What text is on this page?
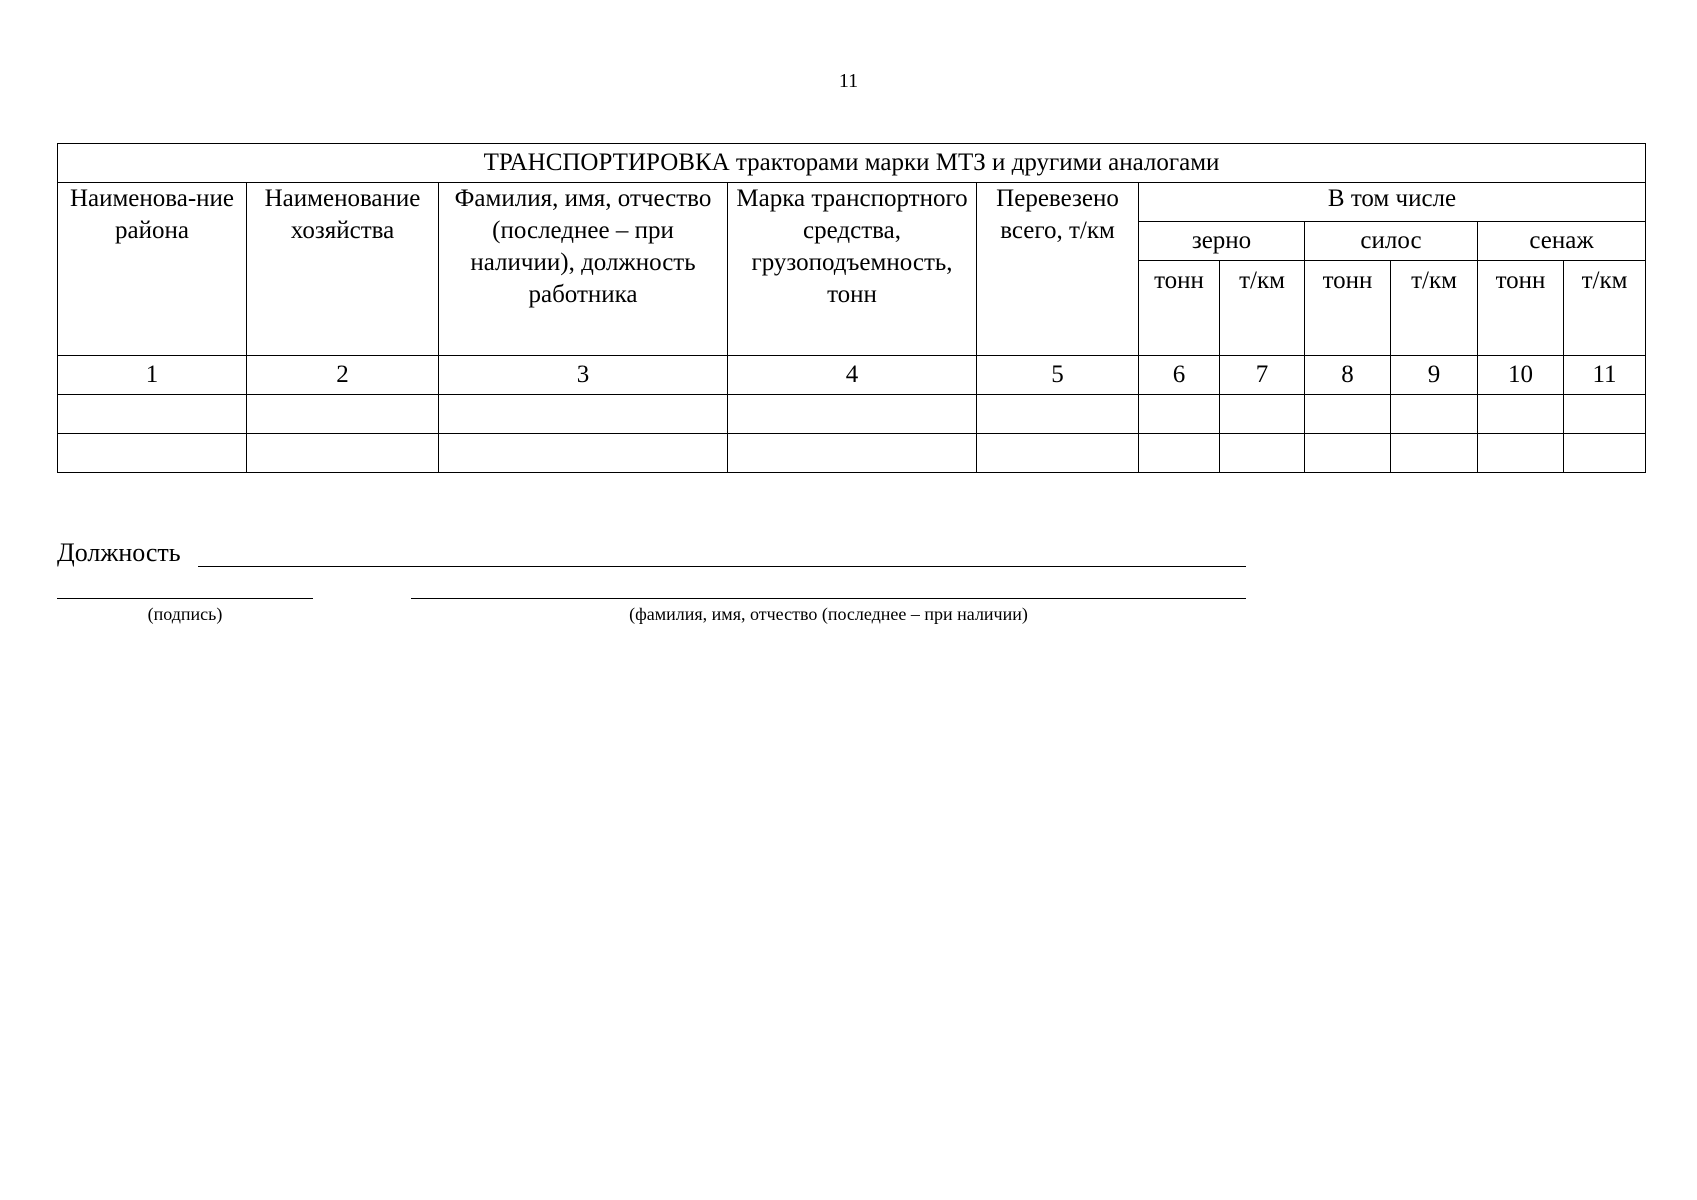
11
ТРАНСПОРТИРОВКА тракторами марки МТЗ и другими аналогами										

Наименова-ние района	Наименование хозяйства	Фамилия, имя, отчество (последнее – при наличии), должность работника	Марка транспортного средства, грузоподъемность, тонн	Перевезено всего, т/км	В том числе					
					зерно		силос		сенаж	
					тонн	т/км	тонн	т/км	тонн	т/км
1	2	3	4	5	6	7	8	9	10	11

Должность
(подпись)	(фамилия, имя, отчество (последнее – при наличии)
